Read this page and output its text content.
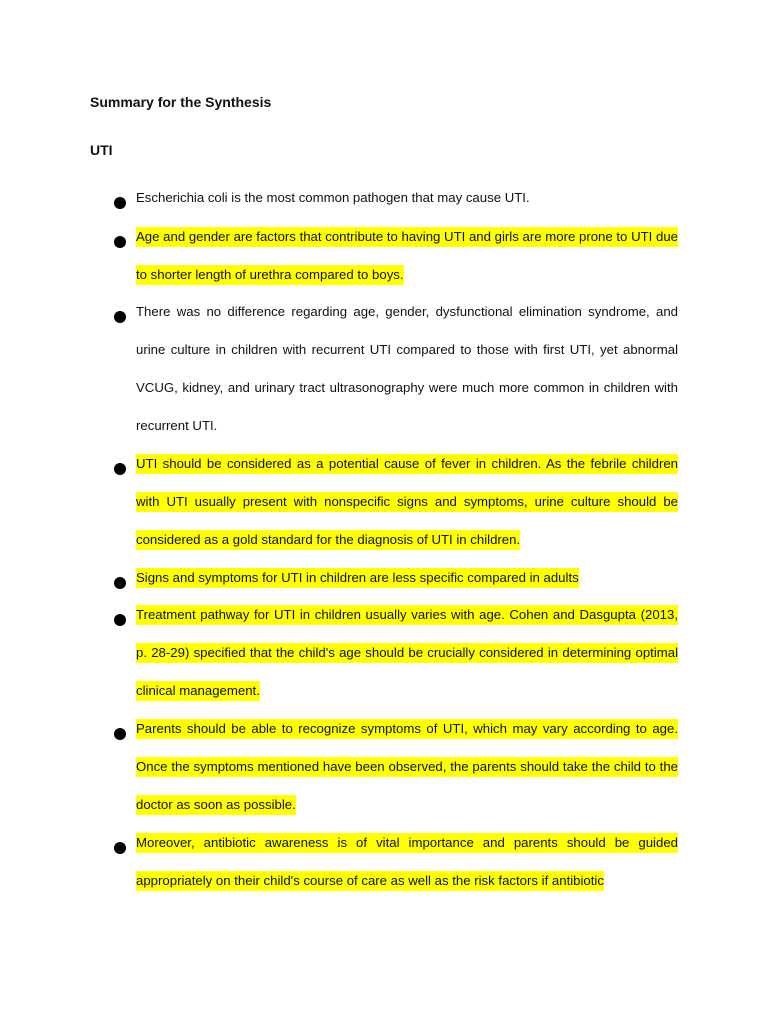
Summary for the Synthesis
UTI

Escherichia coli is the most common pathogen that may cause UTI.

Age and gender are factors that contribute to having UTI and girls are more prone to UTI due to shorter length of urethra compared to boys.

There was no difference regarding age, gender, dysfunctional elimination syndrome, and urine culture in children with recurrent UTI compared to those with first UTI, yet abnormal VCUG, kidney, and urinary tract ultrasonography were much more common in children with recurrent UTI.

UTI should be considered as a potential cause of fever in children. As the febrile children with UTI usually present with nonspecific signs and symptoms, urine culture should be considered as a gold standard for the diagnosis of UTI in children.

Signs and symptoms for UTI in children are less specific compared in adults

Treatment pathway for UTI in children usually varies with age. Cohen and Dasgupta (2013, p. 28-29) specified that the child's age should be crucially considered in determining optimal clinical management.

Parents should be able to recognize symptoms of UTI, which may vary according to age. Once the symptoms mentioned have been observed, the parents should take the child to the doctor as soon as possible.

Moreover, antibiotic awareness is of vital importance and parents should be guided appropriately on their child's course of care as well as the risk factors if antibiotic
